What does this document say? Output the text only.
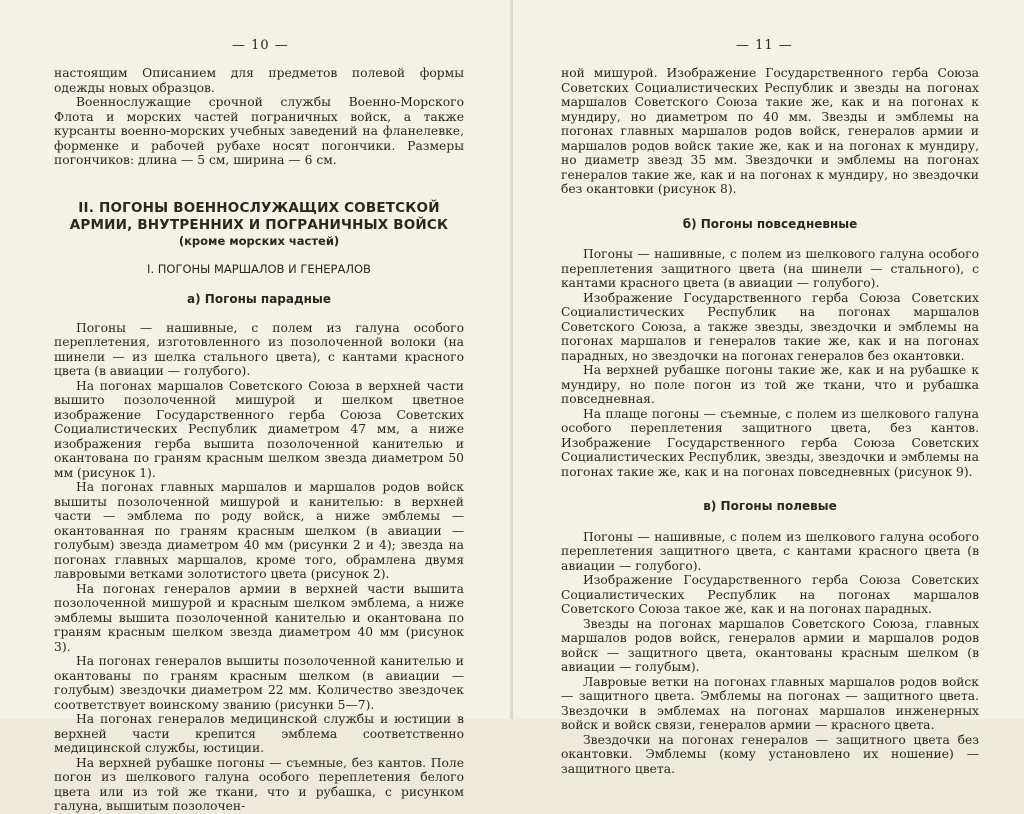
— 10 —

настоящим Описанием для предметов полевой формы одежды новых образцов.

Военнослужащие срочной службы Военно-Морского Флота и морских частей пограничных войск, а также курсанты военно-морских учебных заведений на фланелевке, форменке и рабочей рубахе носят погончики. Размеры погончиков: длина — 5 см, ширина — 6 см.

II. ПОГОНЫ ВОЕННОСЛУЖАЩИХ СОВЕТСКОЙ АРМИИ, ВНУТРЕННИХ И ПОГРАНИЧНЫХ ВОЙСК
(кроме морских частей)
I. ПОГОНЫ МАРШАЛОВ И ГЕНЕРАЛОВ
а) Погоны парадные

Погоны — нашивные, с полем из галуна особого переплетения, изготовленного из позолоченной волоки (на шинели — из шелка стального цвета), с кантами красного цвета (в авиации — голубого).

На погонах маршалов Советского Союза в верхней части вышито позолоченной мишурой и шелком цветное изображение Государственного герба Союза Советских Социалистических Республик диаметром 47 мм, а ниже изображения герба вышита позолоченной канителью и окантована по граням красным шелком звезда диаметром 50 мм (рисунок 1).

На погонах главных маршалов и маршалов родов войск вышиты позолоченной мишурой и канителью: в верхней части — эмблема по роду войск, а ниже эмблемы — окантованная по граням красным шелком (в авиации — голубым) звезда диаметром 40 мм (рисунки 2 и 4); звезда на погонах главных маршалов, кроме того, обрамлена двумя лавровыми ветками золотистого цвета (рисунок 2).

На погонах генералов армии в верхней части вышита позолоченной мишурой и красным шелком эмблема, а ниже эмблемы вышита позолоченной канителью и окантована по граням красным шелком звезда диаметром 40 мм (рисунок 3).

На погонах генералов вышиты позолоченной канителью и окантованы по граням красным шелком (в авиации — голубым) звездочки диаметром 22 мм. Количество звездочек соответствует воинскому званию (рисунки 5—7).

На погонах генералов медицинской службы и юстиции в верхней части крепится эмблема соответственно медицинской службы, юстиции.

На верхней рубашке погоны — съемные, без кантов. Поле погон из шелкового галуна особого переплетения белого цвета или из той же ткани, что и рубашка, с рисунком галуна, вышитым позолочен-

— 11 —

ной мишурой. Изображение Государственного герба Союза Советских Социалистических Республик и звезды на погонах маршалов Советского Союза такие же, как и на погонах к мундиру, но диаметром по 40 мм. Звезды и эмблемы на погонах главных маршалов родов войск, генералов армии и маршалов родов войск такие же, как и на погонах к мундиру, но диаметр звезд 35 мм. Звездочки и эмблемы на погонах генералов такие же, как и на погонах к мундиру, но звездочки без окантовки (рисунок 8).

б) Погоны повседневные

Погоны — нашивные, с полем из шелкового галуна особого переплетения защитного цвета (на шинели — стального), с кантами красного цвета (в авиации — голубого).

Изображение Государственного герба Союза Советских Социалистических Республик на погонах маршалов Советского Союза, а также звезды, звездочки и эмблемы на погонах маршалов и генералов такие же, как и на погонах парадных, но звездочки на погонах генералов без окантовки.

На верхней рубашке погоны такие же, как и на рубашке к мундиру, но поле погон из той же ткани, что и рубашка повседневная.

На плаще погоны — съемные, с полем из шелкового галуна особого переплетения защитного цвета, без кантов. Изображение Государственного герба Союза Советских Социалистических Республик, звезды, звездочки и эмблемы на погонах такие же, как и на погонах повседневных (рисунок 9).

в) Погоны полевые

Погоны — нашивные, с полем из шелкового галуна особого переплетения защитного цвета, с кантами красного цвета (в авиации — голубого).

Изображение Государственного герба Союза Советских Социалистических Республик на погонах маршалов Советского Союза такое же, как и на погонах парадных.

Звезды на погонах маршалов Советского Союза, главных маршалов родов войск, генералов армии и маршалов родов войск — защитного цвета, окантованы красным шелком (в авиации — голубым).

Лавровые ветки на погонах главных маршалов родов войск — защитного цвета. Эмблемы на погонах — защитного цвета. Звездочки в эмблемах на погонах маршалов инженерных войск и войск связи, генералов армии — красного цвета.

Звездочки на погонах генералов — защитного цвета без окантовки. Эмблемы (кому установлено их ношение) — защитного цвета.
